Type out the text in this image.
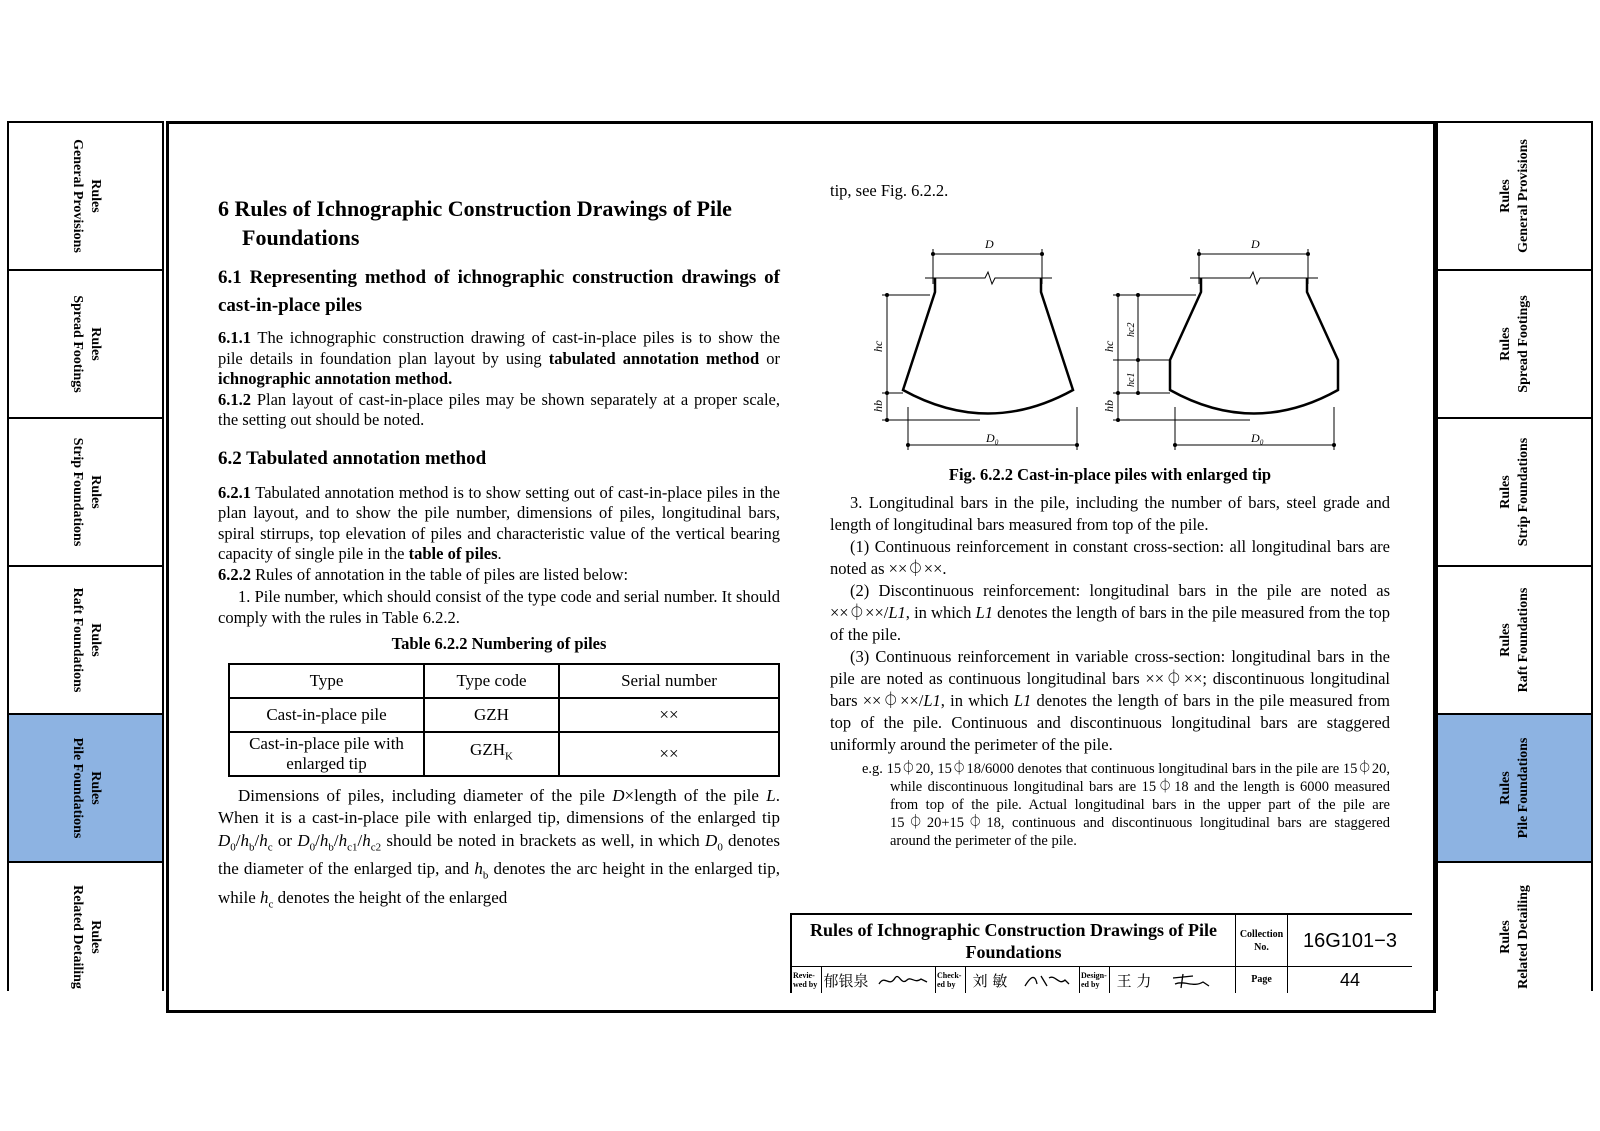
Rules
General Provisions
Rules
Spread Footings
Rules
Strip Foundations
Rules
Raft Foundations
Rules
Pile Foundations
Rules
Related Detailing
Rules General Provisions
Rules Spread Footings
Rules Strip Foundations
Rules Raft Foundations
Rules Pile Foundations
Rules Related Detailing
6 Rules of Ichnographic Construction Drawings of Pile Foundations
6.1 Representing method of ichnographic construction drawings of cast-in-place piles

6.1.1 The ichnographic construction drawing of cast-in-place piles is to show the pile details in foundation plan layout by using tabulated annotation method or ichnographic annotation method.

6.1.2 Plan layout of cast-in-place piles may be shown separately at a proper scale, the setting out should be noted.

6.2 Tabulated annotation method

6.2.1 Tabulated annotation method is to show setting out of cast-in-place piles in the plan layout, and to show the pile number, dimensions of piles, longitudinal bars, spiral stirrups, top elevation of piles and characteristic value of the vertical bearing capacity of single pile in the table of piles.

6.2.2 Rules of annotation in the table of piles are listed below:

1. Pile number, which should consist of the type code and serial number. It should comply with the rules in Table 6.2.2.

Table 6.2.2 Numbering of piles
Type	Type code	Serial number
Cast-in-place pile	GZH	××
Cast-in-place pile with enlarged tip	$GZH_K$	××

Dimensions of piles, including diameter of the pile D×length of the pile L. When it is a cast-in-place pile with enlarged tip, dimensions of the enlarged tip $D_0/h_b/h_c$ or $D_0/h_b/h_{c1}/h_{c2}$ should be noted in brackets as well, in which $D_0$ denotes the diameter of the enlarged tip, and $h_b$ denotes the arc height in the enlarged tip, while $h_c$ denotes the height of the enlarged

tip, see Fig. 6.2.2.

D	D
D₀	D₀
hc
hb
hc
hb
hc2
hc1
Fig. 6.2.2 Cast-in-place piles with enlarged tip

3. Longitudinal bars in the pile, including the number of bars, steel grade and length of longitudinal bars measured from top of the pile.

(1) Continuous reinforcement in constant cross-section: all longitudinal bars are noted as ××⏀××.

(2) Discontinuous reinforcement: longitudinal bars in the pile are noted as ××⏀××/L1, in which L1 denotes the length of bars in the pile measured from the top of the pile.

(3) Continuous reinforcement in variable cross-section: longitudinal bars in the pile are noted as continuous longitudinal bars ××⏀××; discontinuous longitudinal bars ××⏀××/L1, in which L1 denotes the length of bars in the pile measured from top of the pile. Continuous and discontinuous longitudinal bars are staggered uniformly around the perimeter of the pile.

e.g. 15⏀20, 15⏀18/6000 denotes that continuous longitudinal bars in the pile are 15⏀20, while discontinuous longitudinal bars are 15⏀18 and the length is 6000 measured from top of the pile. Actual longitudinal bars in the upper part of the pile are 15⏀20+15⏀18, continuous and discontinuous longitudinal bars are staggered around the perimeter of the pile.

Rules of Ichnographic Construction Drawings of Pile Foundations
Collection No.	16G101−3
Revie-wed by 郁银泉	Check-ed by	刘 敏	Design-ed by	王 力	Page	44
